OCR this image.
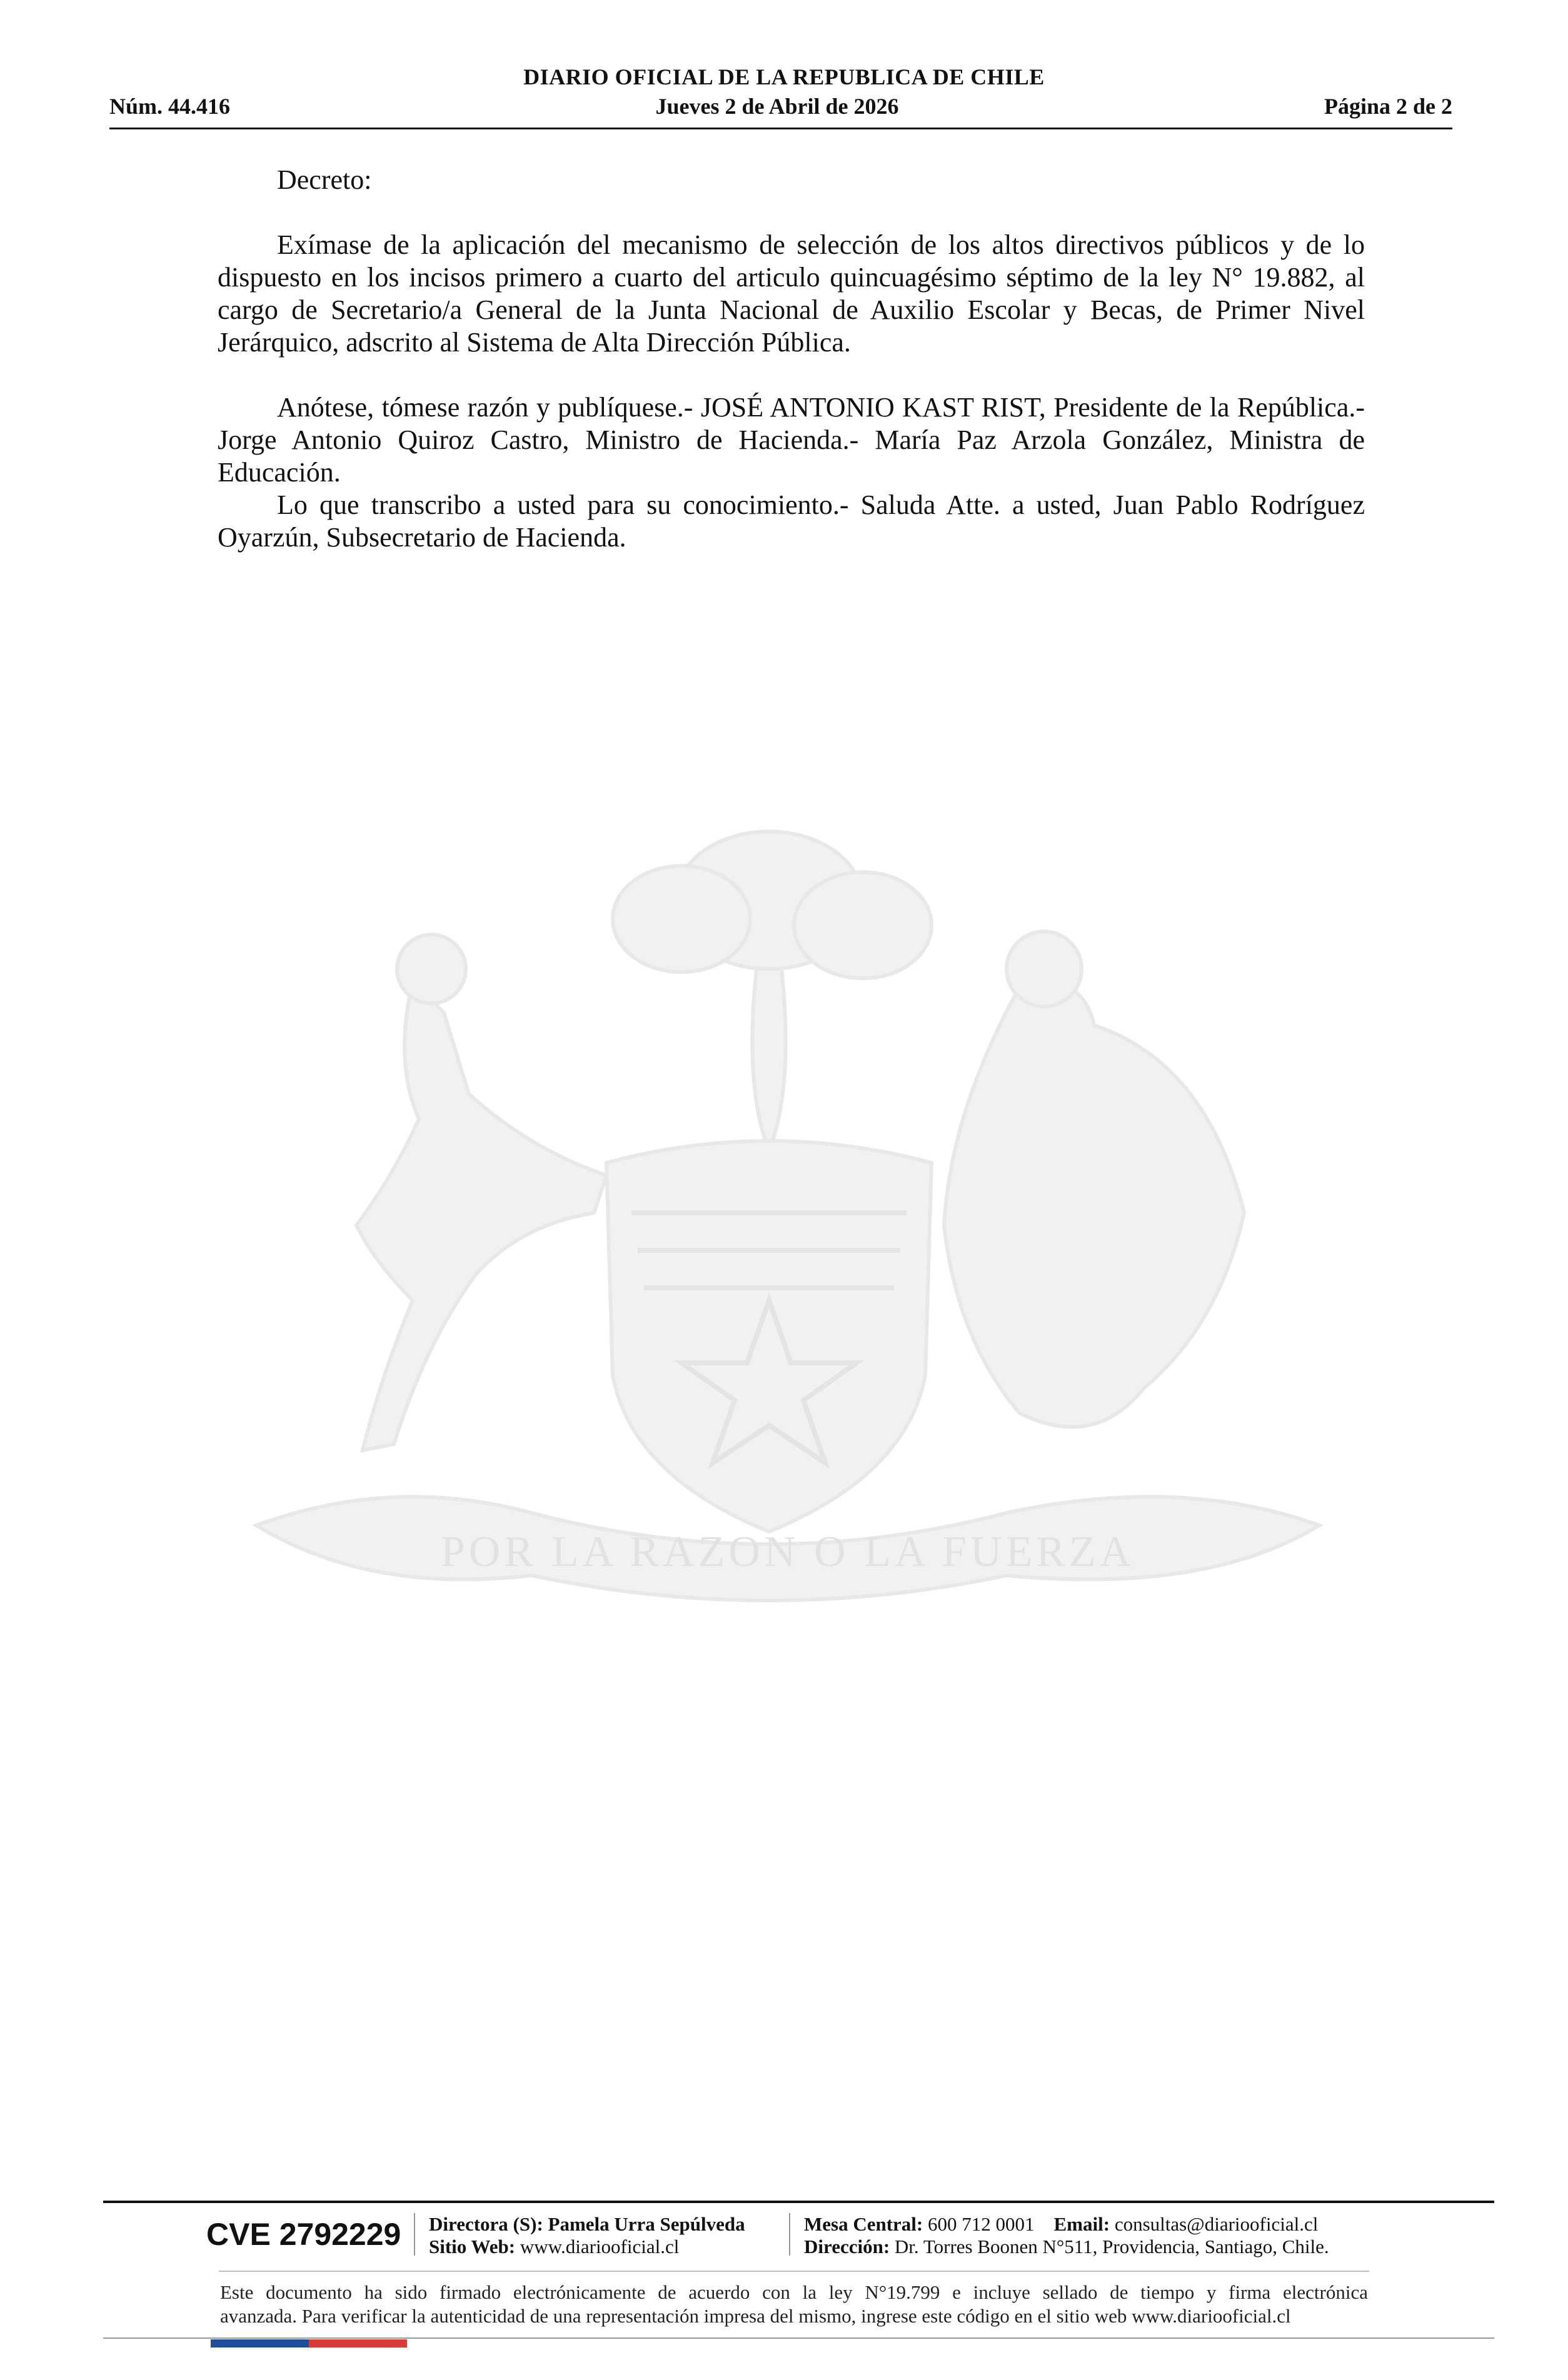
DIARIO OFICIAL DE LA REPUBLICA DE CHILE
Núm. 44.416	Jueves 2 de Abril de 2026	Página 2 de 2

Decreto:

Exímase de la aplicación del mecanismo de selección de los altos directivos públicos y de lo dispuesto en los incisos primero a cuarto del articulo quincuagésimo séptimo de la ley N° 19.882, al cargo de Secretario/a General de la Junta Nacional de Auxilio Escolar y Becas, de Primer Nivel Jerárquico, adscrito al Sistema de Alta Dirección Pública.

Anótese, tómese razón y publíquese.- JOSÉ ANTONIO KAST RIST, Presidente de la República.- Jorge Antonio Quiroz Castro, Ministro de Hacienda.- María Paz Arzola González, Ministra de Educación.

Lo que transcribo a usted para su conocimiento.- Saluda Atte. a usted, Juan Pablo Rodríguez Oyarzún, Subsecretario de Hacienda.

POR LA RAZON O LA FUERZA
CVE 2792229 Directora (S): Pamela Urra Sepúlveda
Sitio Web: www.diariooficial.cl
Mesa Central: 600 712 0001 Email: consultas@diariooficial.cl
Dirección: Dr. Torres Boonen N°511, Providencia, Santiago, Chile.
Este documento ha sido firmado electrónicamente de acuerdo con la ley N°19.799 e incluye sellado de tiempo y firma electrónica
avanzada. Para verificar la autenticidad de una representación impresa del mismo, ingrese este código en el sitio web www.diariooficial.cl
